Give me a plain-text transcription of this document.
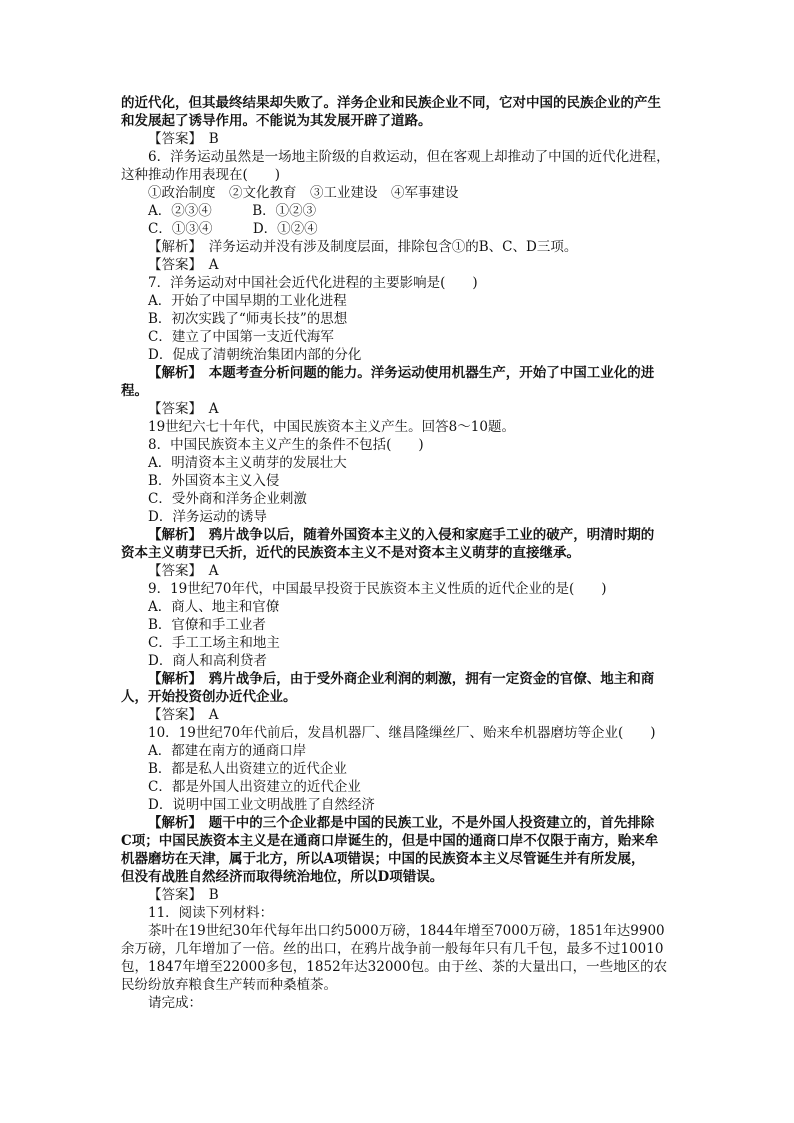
的近代化，但其最终结果却失败了。洋务企业和民族企业不同，它对中国的民族企业的产生
和发展起了诱导作用。不能说为其发展开辟了道路。
【答案】　B
6．洋务运动虽然是一场地主阶级的自救运动，但在客观上却推动了中国的近代化进程，
这种推动作用表现在(　　)
①政治制度　②文化教育　③工业建设　④军事建设
A．②③④　　　B．①②③
C．①③④　　　D．①②④
【解析】　洋务运动并没有涉及制度层面，排除包含①的B、C、D三项。
【答案】　A
7．洋务运动对中国社会近代化进程的主要影响是(　　)
A．开始了中国早期的工业化进程
B．初次实践了“师夷长技”的思想
C．建立了中国第一支近代海军
D．促成了清朝统治集团内部的分化
【解析】　本题考查分析问题的能力。洋务运动使用机器生产，开始了中国工业化的进
程。
【答案】　A
19世纪六七十年代，中国民族资本主义产生。回答8～10题。
8．中国民族资本主义产生的条件不包括(　　)
A．明清资本主义萌芽的发展壮大
B．外国资本主义入侵
C．受外商和洋务企业刺激
D．洋务运动的诱导
【解析】　鸦片战争以后，随着外国资本主义的入侵和家庭手工业的破产，明清时期的
资本主义萌芽已夭折，近代的民族资本主义不是对资本主义萌芽的直接继承。
【答案】　A
9．19世纪70年代，中国最早投资于民族资本主义性质的近代企业的是(　　)
A．商人、地主和官僚
B．官僚和手工业者
C．手工工场主和地主
D．商人和高利贷者
【解析】　鸦片战争后，由于受外商企业利润的刺激，拥有一定资金的官僚、地主和商
人，开始投资创办近代企业。
【答案】　A
10．19世纪70年代前后，发昌机器厂、继昌隆缫丝厂、贻来牟机器磨坊等企业(　　)
A．都建在南方的通商口岸
B．都是私人出资建立的近代企业
C．都是外国人出资建立的近代企业
D．说明中国工业文明战胜了自然经济
【解析】　题干中的三个企业都是中国的民族工业，不是外国人投资建立的，首先排除
C项；中国民族资本主义是在通商口岸诞生的，但是中国的通商口岸不仅限于南方，贻来牟
机器磨坊在天津，属于北方，所以A项错误；中国的民族资本主义尽管诞生并有所发展，
但没有战胜自然经济而取得统治地位，所以D项错误。
【答案】　B
11．阅读下列材料：
茶叶在19世纪30年代每年出口约5000万磅，1844年增至7000万磅，1851年达9900
余万磅，几年增加了一倍。丝的出口，在鸦片战争前一般每年只有几千包，最多不过10010
包，1847年增至22000多包，1852年达32000包。由于丝、茶的大量出口，一些地区的农
民纷纷放弃粮食生产转而种桑植茶。
请完成：
